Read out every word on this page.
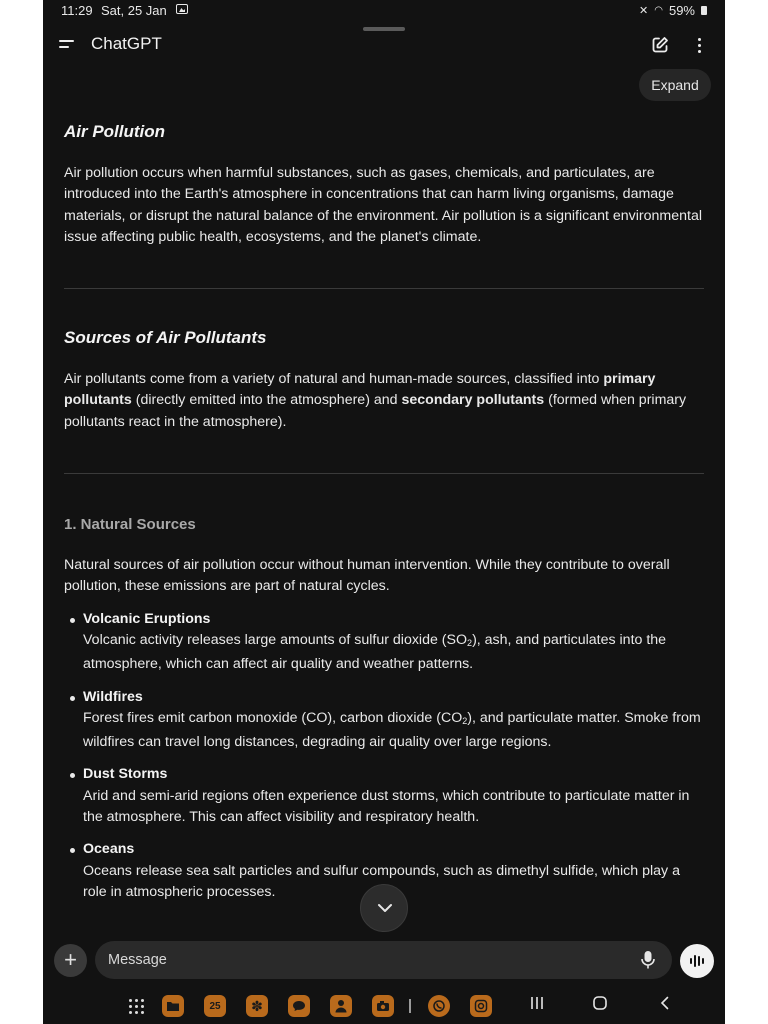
11:29 Sat, 25 Jan	✕ ◠ 59%
ChatGPT
Expand
Air Pollution

Air pollution occurs when harmful substances, such as gases, chemicals, and particulates, are introduced into the Earth's atmosphere in concentrations that can harm living organisms, damage materials, or disrupt the natural balance of the environment. Air pollution is a significant environmental issue affecting public health, ecosystems, and the planet's climate.

Sources of Air Pollutants

Air pollutants come from a variety of natural and human-made sources, classified into primary pollutants (directly emitted into the atmosphere) and secondary pollutants (formed when primary pollutants react in the atmosphere).

1. Natural Sources

Natural sources of air pollution occur without human intervention. While they contribute to overall pollution, these emissions are part of natural cycles.

Volcanic Eruptions
Volcanic activity releases large amounts of sulfur dioxide $(SO_2)$, ash, and particulates into the atmosphere, which can affect air quality and weather patterns.
Wildfires
Forest fires emit carbon monoxide (CO), carbon dioxide $(CO_2)$, and particulate matter. Smoke from wildfires can travel long distances, degrading air quality over large regions.
Dust Storms
Arid and semi-arid regions often experience dust storms, which contribute to particulate matter in the atmosphere. This can affect visibility and respiratory health.
Oceans
Oceans release sea salt particles and sulfur compounds, such as dimethyl sulfide, which play a role in atmospheric processes.
+
Message
25	✽
